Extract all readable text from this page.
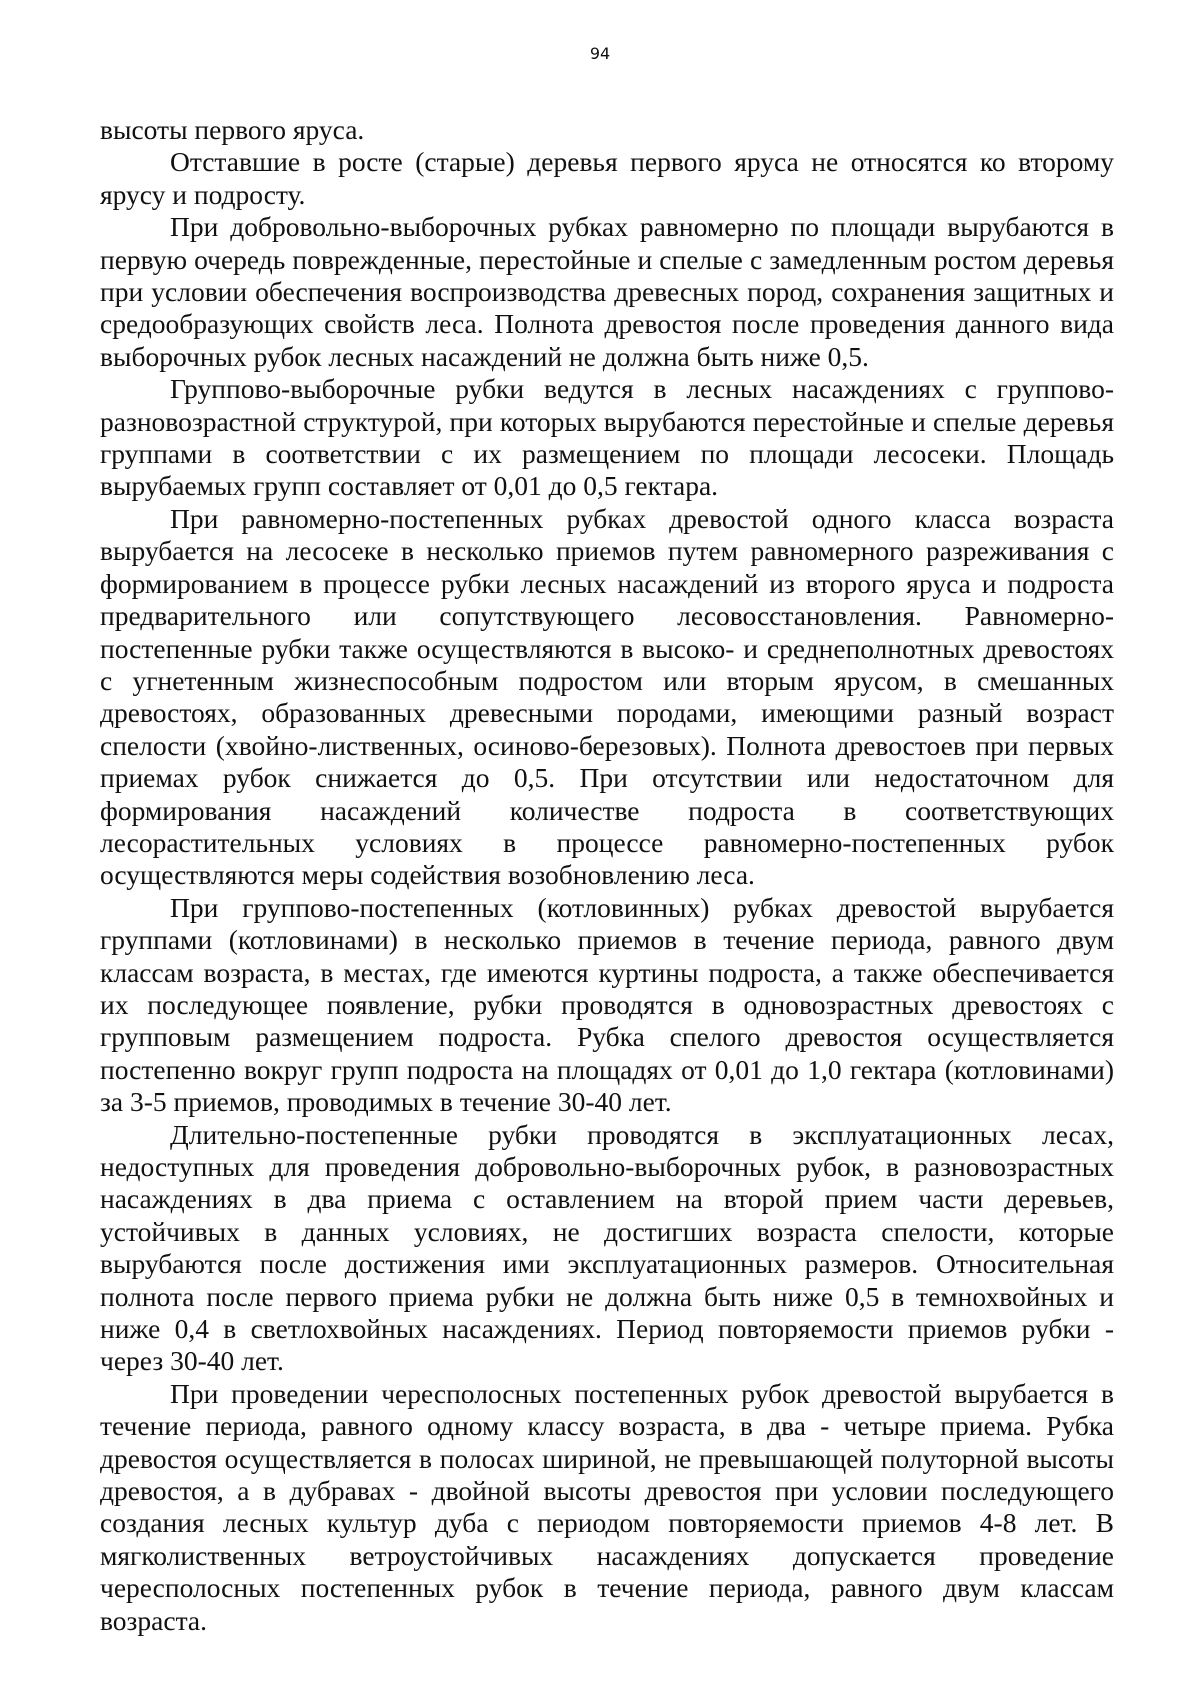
94

высоты первого яруса.

Отставшие в росте (старые) деревья первого яруса не относятся ко второму ярусу и подросту.

При добровольно-выборочных рубках равномерно по площади вырубаются в первую очередь поврежденные, перестойные и спелые с замедленным ростом деревья при условии обеспечения воспроизводства древесных пород, сохранения защитных и средообразующих свойств леса. Полнота древостоя после проведения данного вида выборочных рубок лесных насаждений не должна быть ниже 0,5.

Группово-выборочные рубки ведутся в лесных насаждениях с группово-разновозрастной структурой, при которых вырубаются перестойные и спелые деревья группами в соответствии с их размещением по площади лесосеки. Площадь вырубаемых групп составляет от 0,01 до 0,5 гектара.

При равномерно-постепенных рубках древостой одного класса возраста вырубается на лесосеке в несколько приемов путем равномерного разреживания с формированием в процессе рубки лесных насаждений из второго яруса и подроста предварительного или сопутствующего лесовосстановления. Равномерно-постепенные рубки также осуществляются в высоко- и среднеполнотных древостоях с угнетенным жизнеспособным подростом или вторым ярусом, в смешанных древостоях, образованных древесными породами, имеющими разный возраст спелости (хвойно-лиственных, осиново-березовых). Полнота древостоев при первых приемах рубок снижается до 0,5. При отсутствии или недостаточном для формирования насаждений количестве подроста в соответствующих лесорастительных условиях в процессе равномерно-постепенных рубок осуществляются меры содействия возобновлению леса.

При группово-постепенных (котловинных) рубках древостой вырубается группами (котловинами) в несколько приемов в течение периода, равного двум классам возраста, в местах, где имеются куртины подроста, а также обеспечивается их последующее появление, рубки проводятся в одновозрастных древостоях с групповым размещением подроста. Рубка спелого древостоя осуществляется постепенно вокруг групп подроста на площадях от 0,01 до 1,0 гектара (котловинами) за 3-5 приемов, проводимых в течение 30-40 лет.

Длительно-постепенные рубки проводятся в эксплуатационных лесах, недоступных для проведения добровольно-выборочных рубок, в разновозрастных насаждениях в два приема с оставлением на второй прием части деревьев, устойчивых в данных условиях, не достигших возраста спелости, которые вырубаются после достижения ими эксплуатационных размеров. Относительная полнота после первого приема рубки не должна быть ниже 0,5 в темнохвойных и ниже 0,4 в светлохвойных насаждениях. Период повторяемости приемов рубки - через 30-40 лет.

При проведении чересполосных постепенных рубок древостой вырубается в течение периода, равного одному классу возраста, в два - четыре приема. Рубка древостоя осуществляется в полосах шириной, не превышающей полуторной высоты древостоя, а в дубравах - двойной высоты древостоя при условии последующего создания лесных культур дуба с периодом повторяемости приемов 4-8 лет. В мягколиственных ветроустойчивых насаждениях допускается проведение чересполосных постепенных рубок в течение периода, равного двум классам возраста.
